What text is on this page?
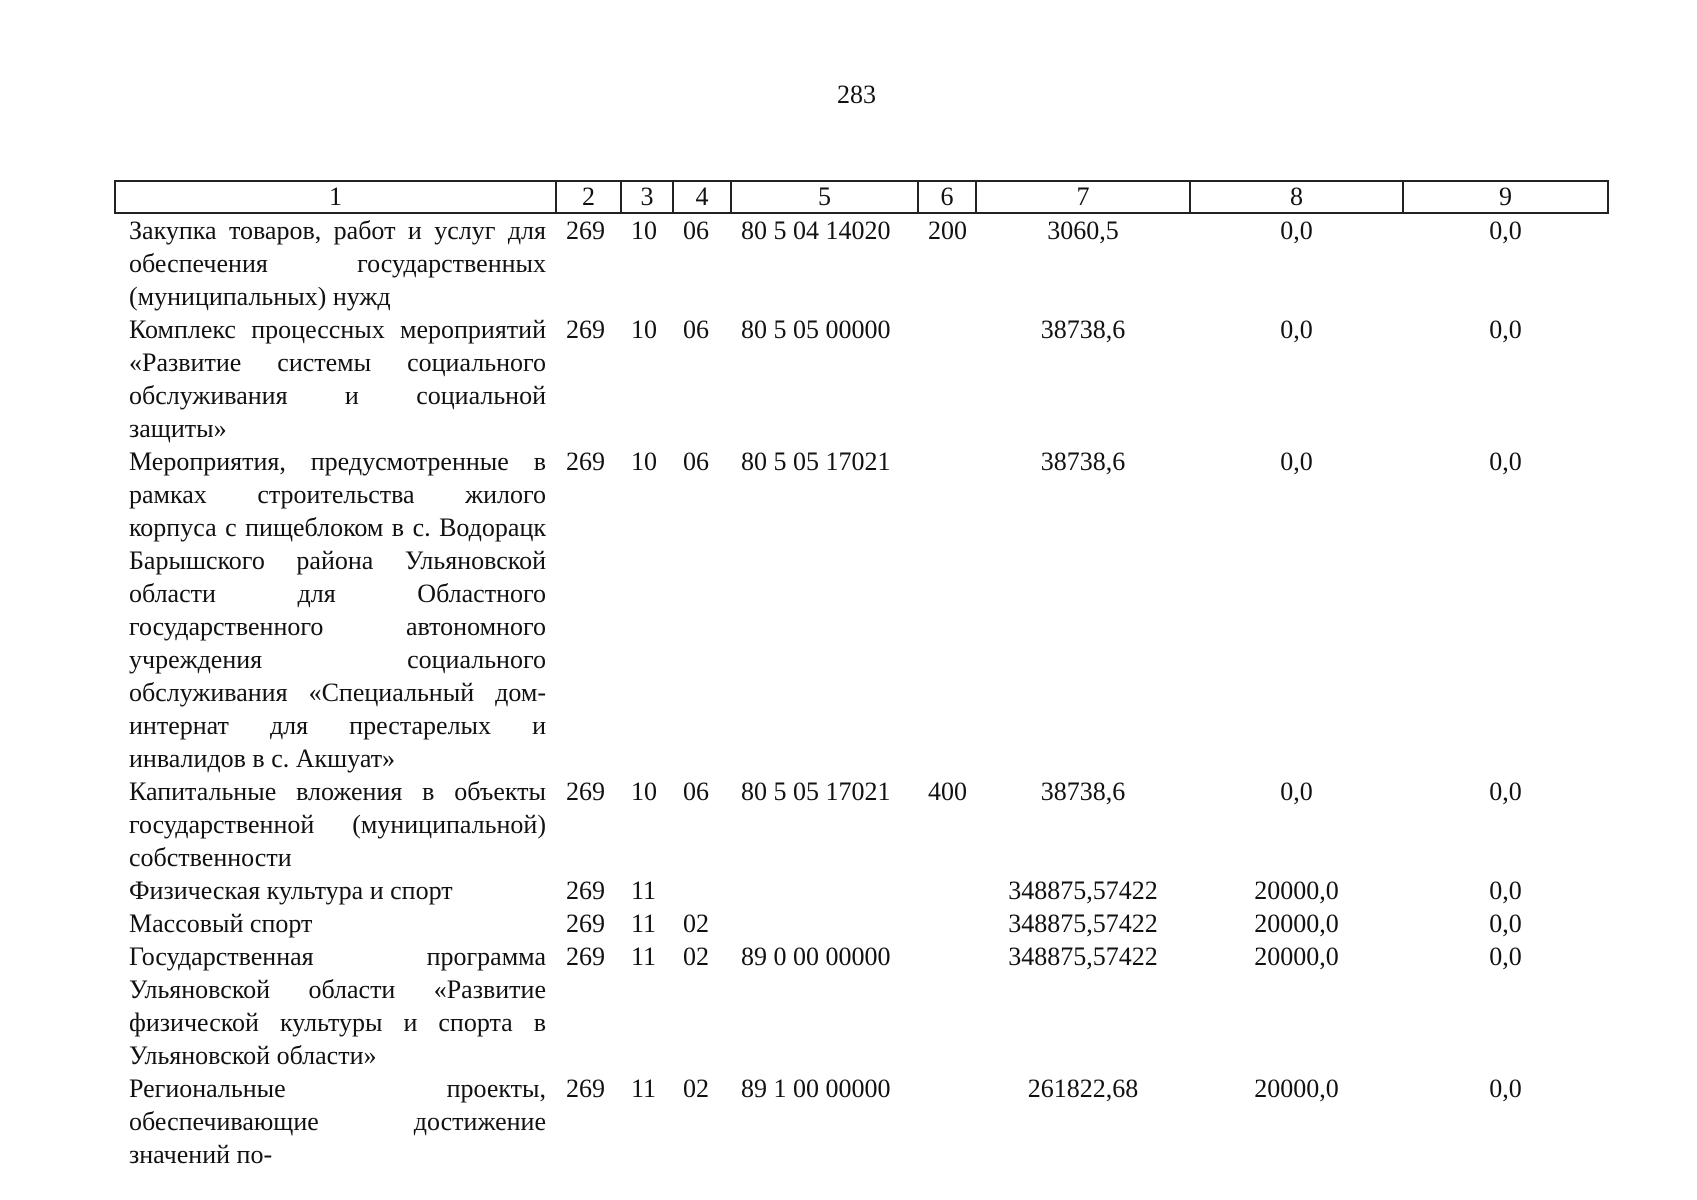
283
1	2	3	4	5	6	7	8	9
Закупка товаров, работ и услуг для обеспечения государственных (муниципальных) нужд	269	10	06	80 5 04 14020	200	3060,5	0,0	0,0
Комплекс процессных мероприятий «Развитие системы социального обслуживания и социальной защиты»	269	10	06	80 5 05 00000		38738,6	0,0	0,0
Мероприятия, предусмотренные в рамках строительства жилого корпуса с пищеблоком в с. Водорацк Барышского района Ульяновской области для Областного государственного автономного учреждения социального обслуживания «Специальный дом-интернат для престарелых и инвалидов в с. Акшуат»	269	10	06	80 5 05 17021		38738,6	0,0	0,0
Капитальные вложения в объекты государственной (муниципальной) собственности	269	10	06	80 5 05 17021	400	38738,6	0,0	0,0
Физическая культура и спорт	269	11				348875,57422	20000,0	0,0
Массовый спорт	269	11	02			348875,57422	20000,0	0,0
Государственная программа Ульяновской области «Развитие физической культуры и спорта в Ульяновской области»	269	11	02	89 0 00 00000		348875,57422	20000,0	0,0
Региональные проекты, обеспечивающие достижение значений по-	269	11	02	89 1 00 00000		261822,68	20000,0	0,0
